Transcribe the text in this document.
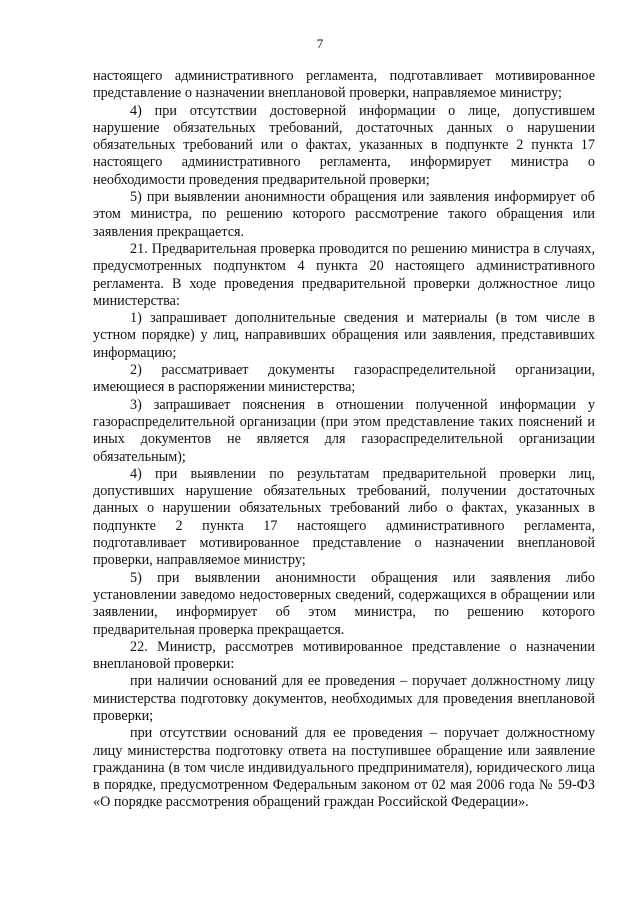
7

настоящего административного регламента, подготавливает мотивированное представление о назначении внеплановой проверки, направляемое министру;

4) при отсутствии достоверной информации о лице, допустившем нарушение обязательных требований, достаточных данных о нарушении обязательных требований или о фактах, указанных в подпункте 2 пункта 17 настоящего административного регламента, информирует министра о необходимости проведения предварительной проверки;

5) при выявлении анонимности обращения или заявления информирует об этом министра, по решению которого рассмотрение такого обращения или заявления прекращается.

21. Предварительная проверка проводится по решению министра в случаях, предусмотренных подпунктом 4 пункта 20 настоящего административного регламента. В ходе проведения предварительной проверки должностное лицо министерства:

1) запрашивает дополнительные сведения и материалы (в том числе в устном порядке) у лиц, направивших обращения или заявления, представивших информацию;

2) рассматривает документы газораспределительной организации, имеющиеся в распоряжении министерства;

3) запрашивает пояснения в отношении полученной информации у газораспределительной организации (при этом представление таких пояснений и иных документов не является для газораспределительной организации обязательным);

4) при выявлении по результатам предварительной проверки лиц, допустивших нарушение обязательных требований, получении достаточных данных о нарушении обязательных требований либо о фактах, указанных в подпункте 2 пункта 17 настоящего административного регламента, подготавливает мотивированное представление о назначении внеплановой проверки, направляемое министру;

5) при выявлении анонимности обращения или заявления либо установлении заведомо недостоверных сведений, содержащихся в обращении или заявлении, информирует об этом министра, по решению которого предварительная проверка прекращается.

22. Министр, рассмотрев мотивированное представление о назначении внеплановой проверки:

при наличии оснований для ее проведения – поручает должностному лицу министерства подготовку документов, необходимых для проведения внеплановой проверки;

при отсутствии оснований для ее проведения – поручает должностному лицу министерства подготовку ответа на поступившее обращение или заявление гражданина (в том числе индивидуального предпринимателя), юридического лица в порядке, предусмотренном Федеральным законом от 02 мая 2006 года № 59-ФЗ «О порядке рассмотрения обращений граждан Российской Федерации».
